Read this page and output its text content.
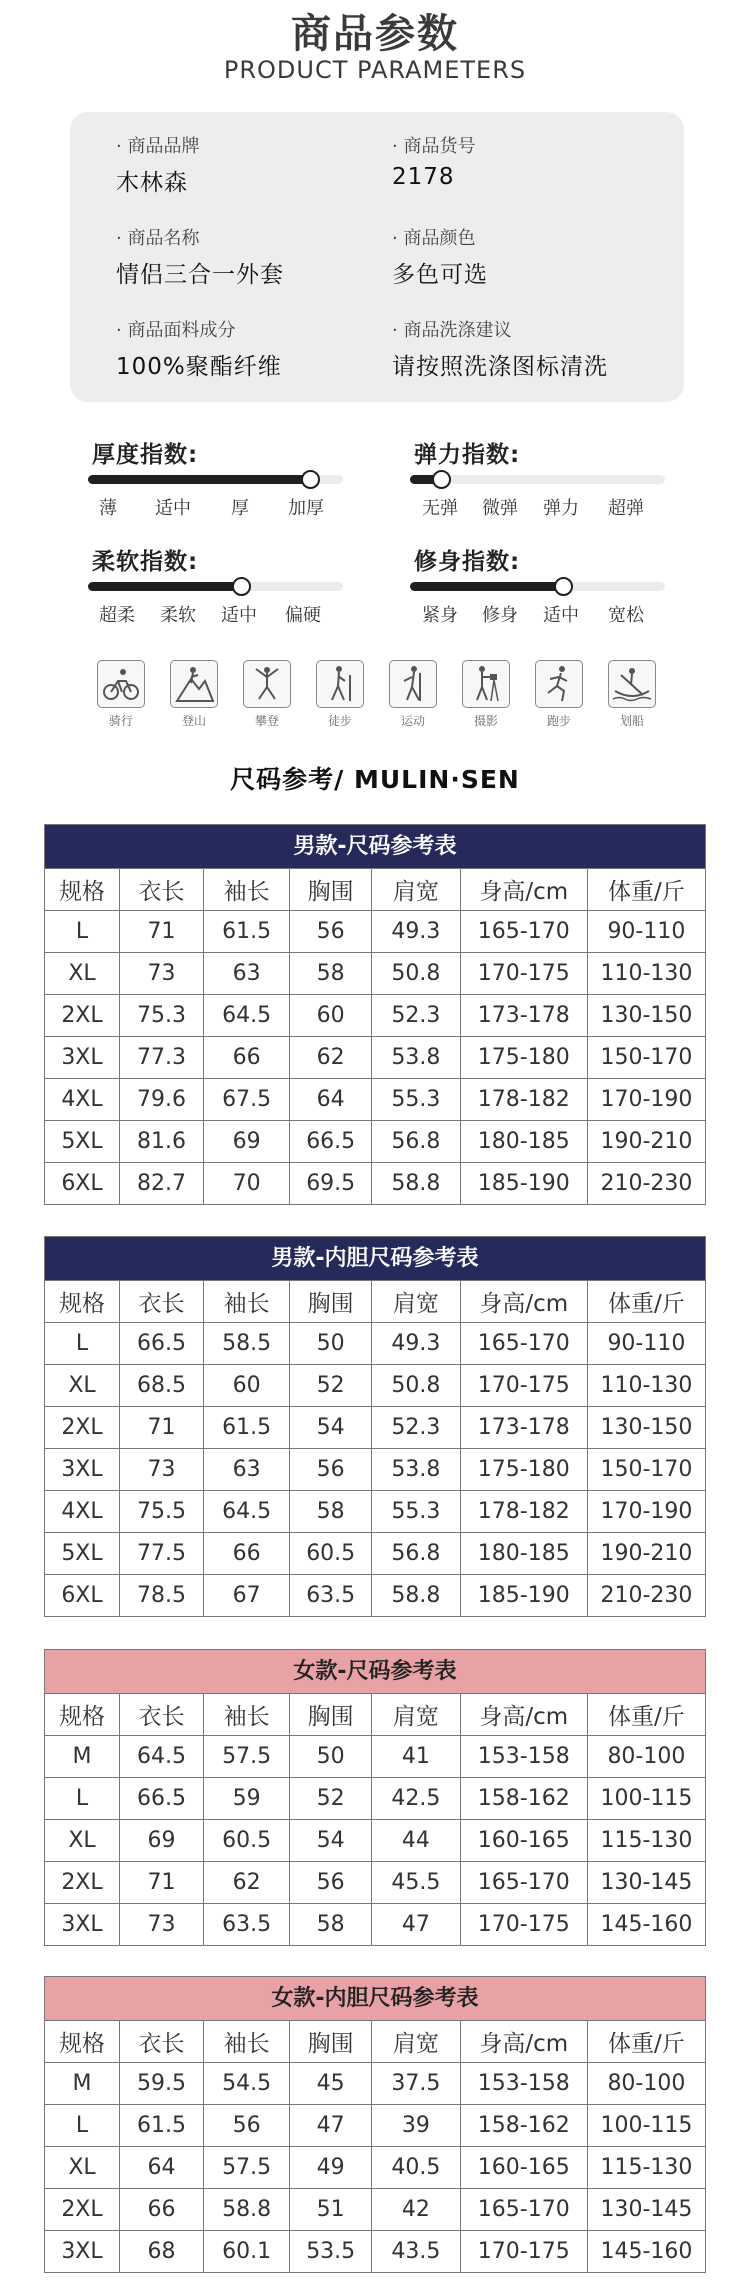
商品参数
PRODUCT PARAMETERS
· 商品品牌
木林森
· 商品货号
2178
· 商品名称
情侣三合一外套
· 商品颜色
多色可选
· 商品面料成分
100%聚酯纤维
· 商品洗涤建议
请按照洗涤图标清洗
厚度指数:
薄 适中 厚 加厚
弹力指数:
无弹 微弹 弹力 超弹
柔软指数:
超柔 柔软 适中 偏硬
修身指数:
紧身 修身 适中 宽松
骑行	登山	攀登	徒步	运动	摄影	跑步	划船
尺码参考/ MULIN·SEN
男款-尺码参考表
规格	衣长	袖长	胸围	肩宽	身高/cm	体重/斤
L	71	61.5	56	49.3	165-170	90-110
XL	73	63	58	50.8	170-175	110-130
2XL	75.3	64.5	60	52.3	173-178	130-150
3XL	77.3	66	62	53.8	175-180	150-170
4XL	79.6	67.5	64	55.3	178-182	170-190
5XL	81.6	69	66.5	56.8	180-185	190-210
6XL	82.7	70	69.5	58.8	185-190	210-230
男款-内胆尺码参考表
规格	衣长	袖长	胸围	肩宽	身高/cm	体重/斤
L	66.5	58.5	50	49.3	165-170	90-110
XL	68.5	60	52	50.8	170-175	110-130
2XL	71	61.5	54	52.3	173-178	130-150
3XL	73	63	56	53.8	175-180	150-170
4XL	75.5	64.5	58	55.3	178-182	170-190
5XL	77.5	66	60.5	56.8	180-185	190-210
6XL	78.5	67	63.5	58.8	185-190	210-230
女款-尺码参考表
规格	衣长	袖长	胸围	肩宽	身高/cm	体重/斤
M	64.5	57.5	50	41	153-158	80-100
L	66.5	59	52	42.5	158-162	100-115
XL	69	60.5	54	44	160-165	115-130
2XL	71	62	56	45.5	165-170	130-145
3XL	73	63.5	58	47	170-175	145-160
女款-内胆尺码参考表
规格	衣长	袖长	胸围	肩宽	身高/cm	体重/斤
M	59.5	54.5	45	37.5	153-158	80-100
L	61.5	56	47	39	158-162	100-115
XL	64	57.5	49	40.5	160-165	115-130
2XL	66	58.8	51	42	165-170	130-145
3XL	68	60.1	53.5	43.5	170-175	145-160
